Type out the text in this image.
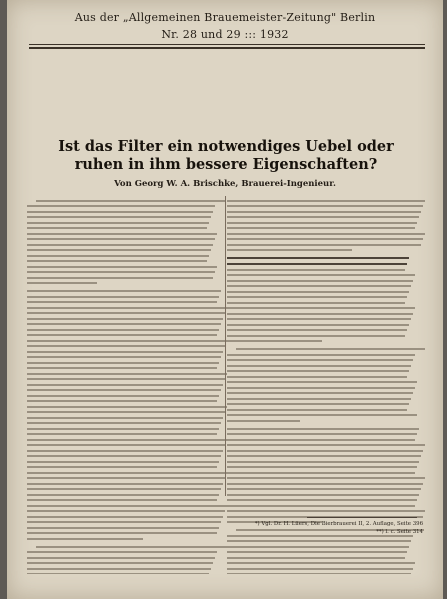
Aus der „Allgemeinen Brauemeister-Zeitung" Berlin
Nr. 28 und 29 ::: 1932
Ist das Filter ein notwendiges Uebel oder ruhen in ihm bessere Eigenschaften?
Von Georg W. A. Brischke, Brauerei-Ingenieur.
*) Vgl. Dr. H. Lüers, Die Bierbrauerei II, 2. Auflage, Seite 396
**) l. c. Seite 314
